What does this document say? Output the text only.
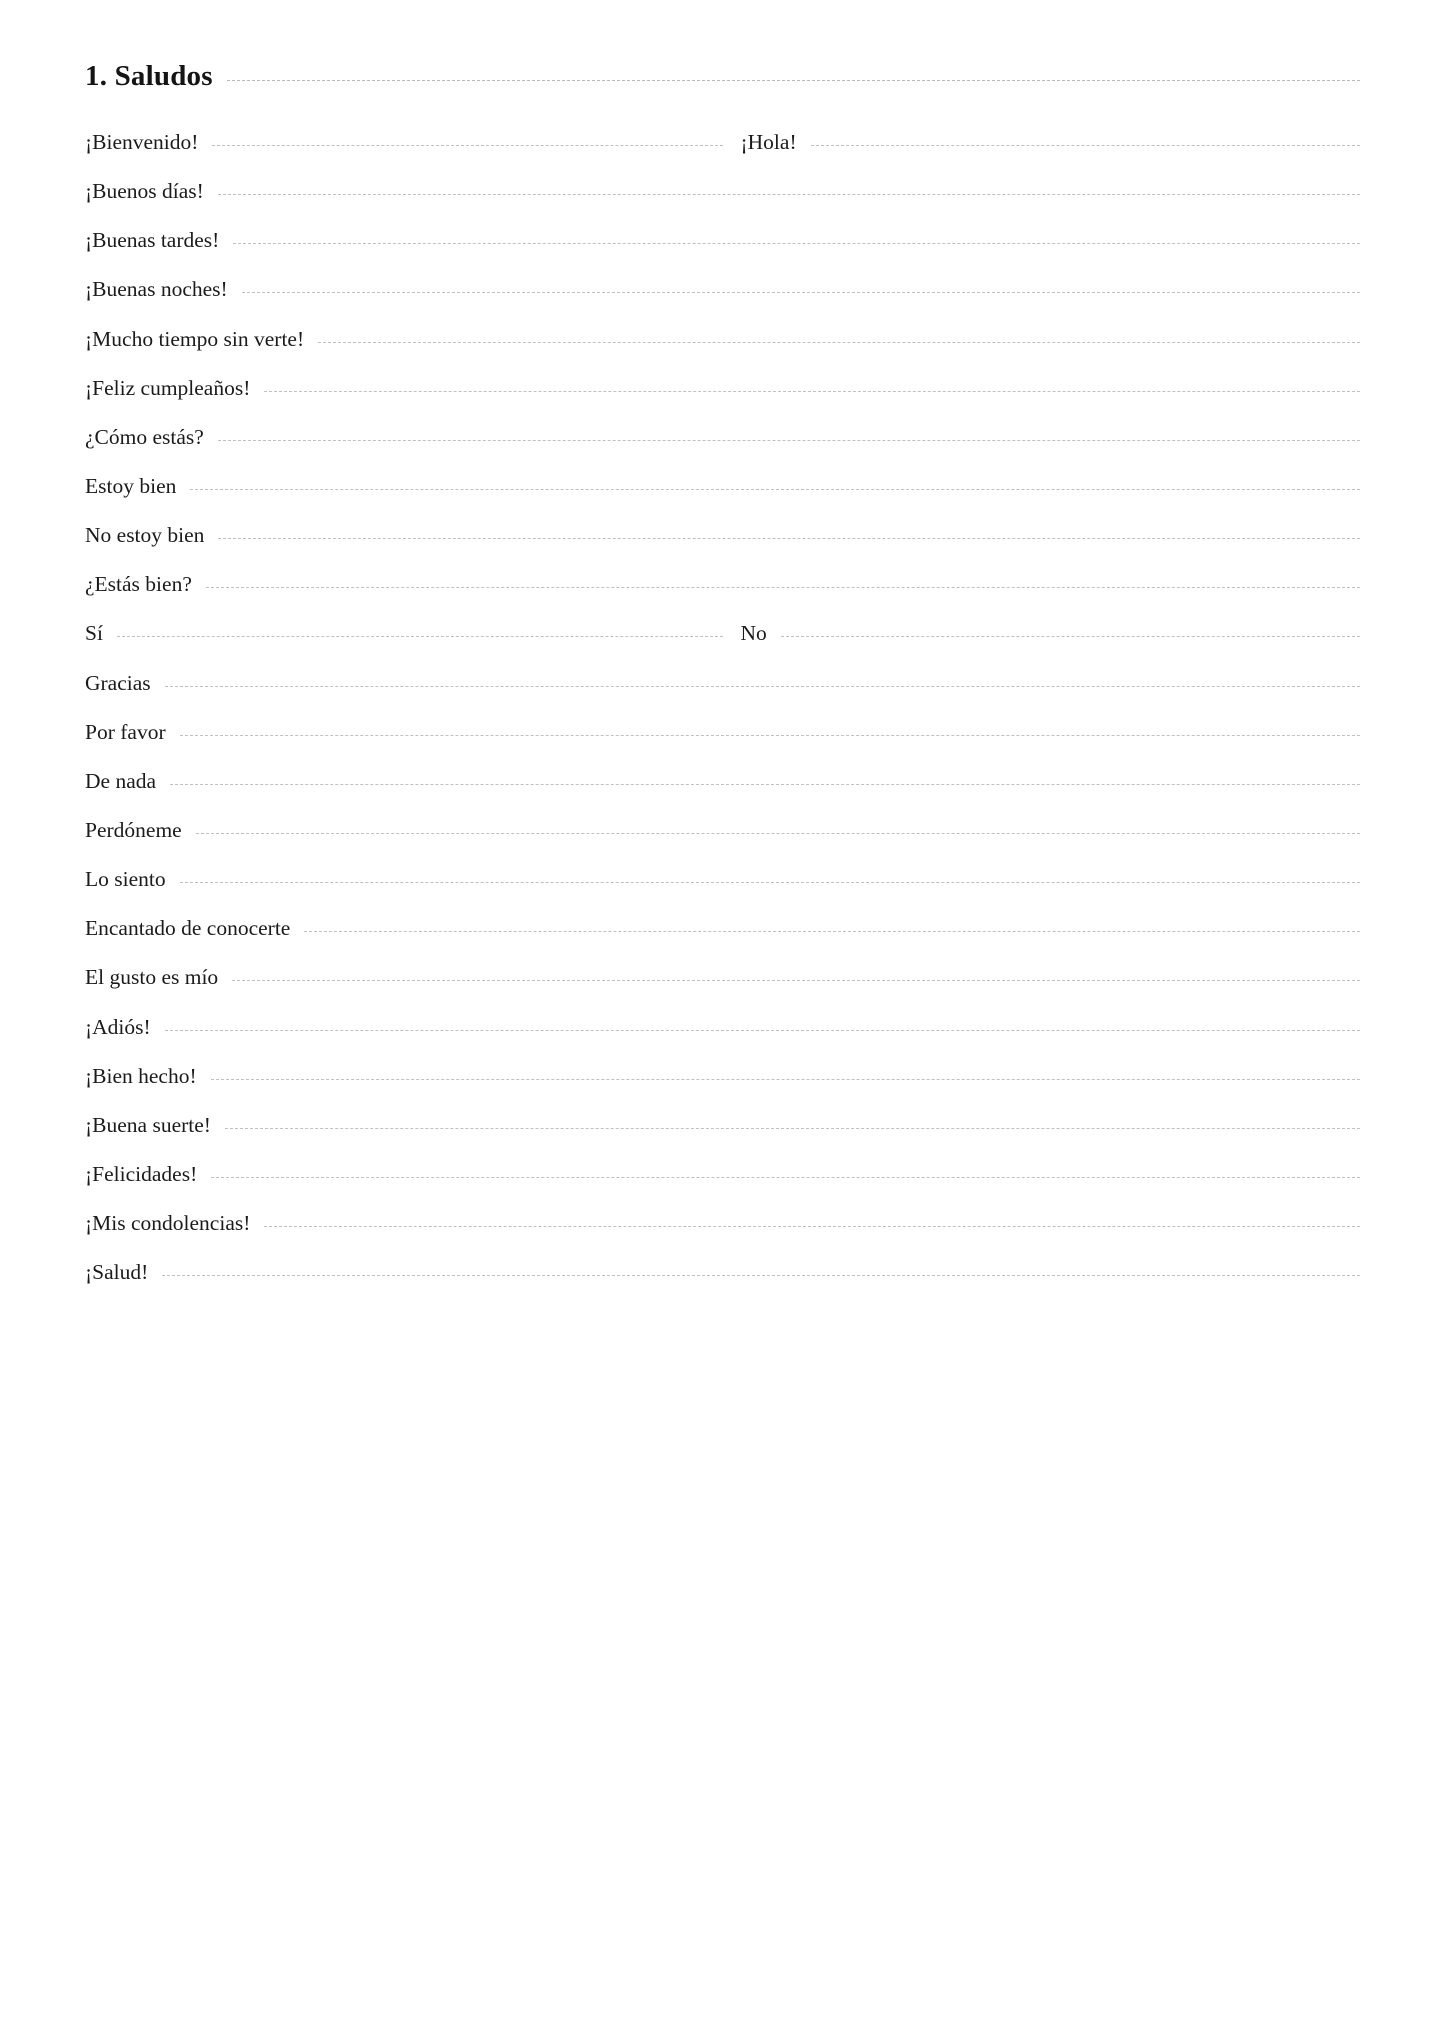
1. Saludos
¡Bienvenido!	¡Hola!
¡Buenos días!
¡Buenas tardes!
¡Buenas noches!
¡Mucho tiempo sin verte!
¡Feliz cumpleaños!
¿Cómo estás?
Estoy bien
No estoy bien
¿Estás bien?
Sí	No
Gracias
Por favor
De nada
Perdóneme
Lo siento
Encantado de conocerte
El gusto es mío
¡Adiós!
¡Bien hecho!
¡Buena suerte!
¡Felicidades!
¡Mis condolencias!
¡Salud!
